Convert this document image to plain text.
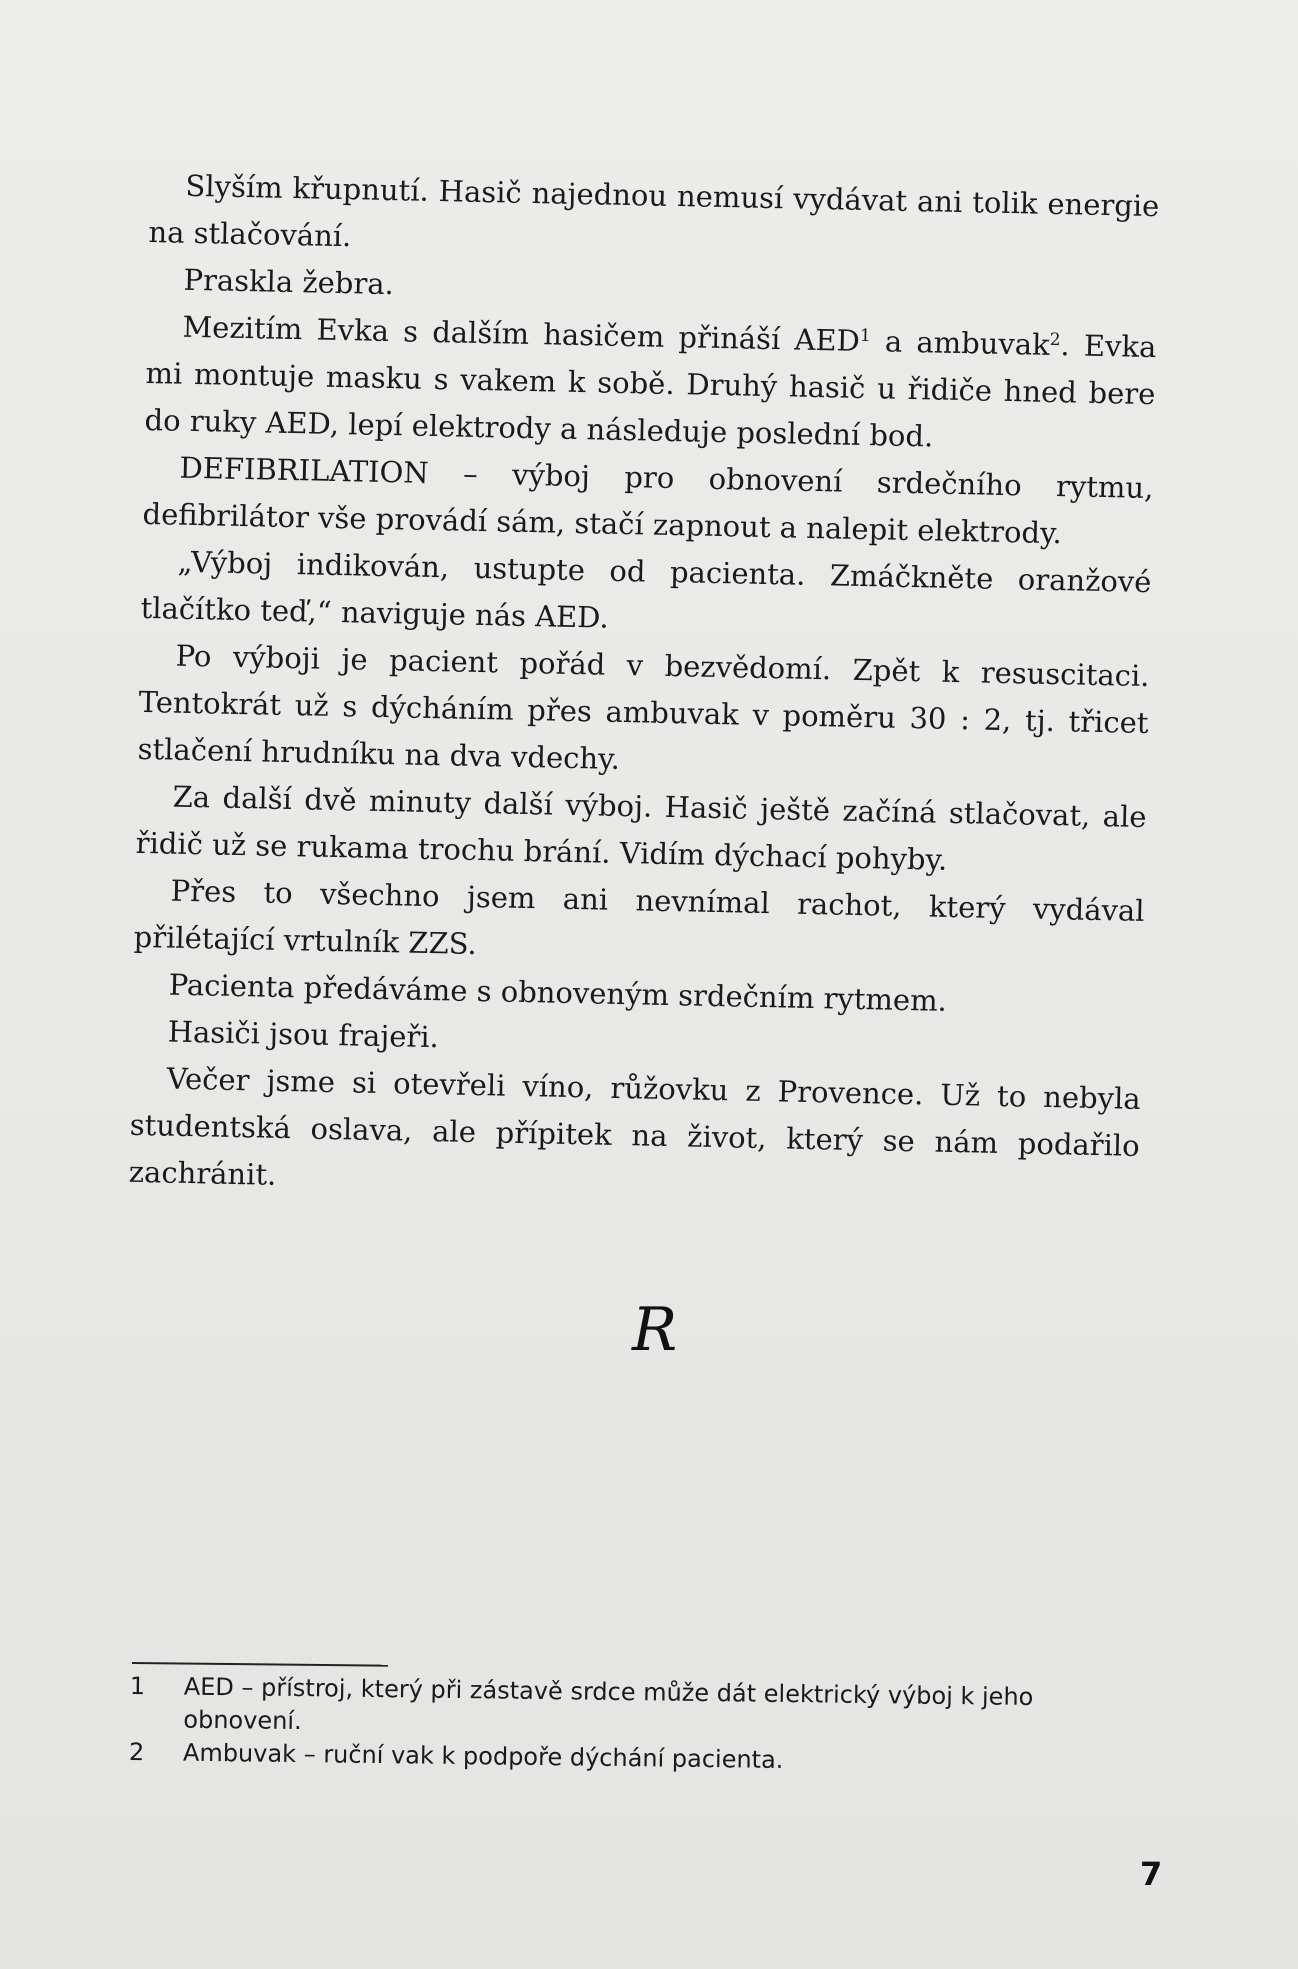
Slyším křupnutí. Hasič najednou nemusí vydávat ani tolik energie na stlačování.

Praskla žebra.

Mezitím Evka s dalším hasičem přináší AED$^1$ a ambuvak$^2$. Evka mi montuje masku s vakem k sobě. Druhý hasič u řidiče hned bere do ruky AED, lepí elektrody a následuje poslední bod.

DEFIBRILATION – výboj pro obnovení srdečního rytmu, defibrilátor vše provádí sám, stačí zapnout a nalepit elektrody.

„Výboj indikován, ustupte od pacienta. Zmáčkněte oranžové tlačítko teď,“ naviguje nás AED.

Po výboji je pacient pořád v bezvědomí. Zpět k resuscitaci. Tentokrát už s dýcháním přes ambuvak v poměru 30 : 2, tj. třicet stlačení hrudníku na dva vdechy.

Za další dvě minuty další výboj. Hasič ještě začíná stlačovat, ale řidič už se rukama trochu brání. Vidím dýchací pohyby.

Přes to všechno jsem ani nevnímal rachot, který vydával přilétající vrtulník ZZS.

Pacienta předáváme s obnoveným srdečním rytmem.

Hasiči jsou frajeři.

Večer jsme si otevřeli víno, růžovku z Provence. Už to nebyla studentská oslava, ale přípitek na život, který se nám podařilo zachránit.

R
1	AED – přístroj, který při zástavě srdce může dát elektrický výboj k jeho obnovení.
2	Ambuvak – ruční vak k podpoře dýchání pacienta.
7
